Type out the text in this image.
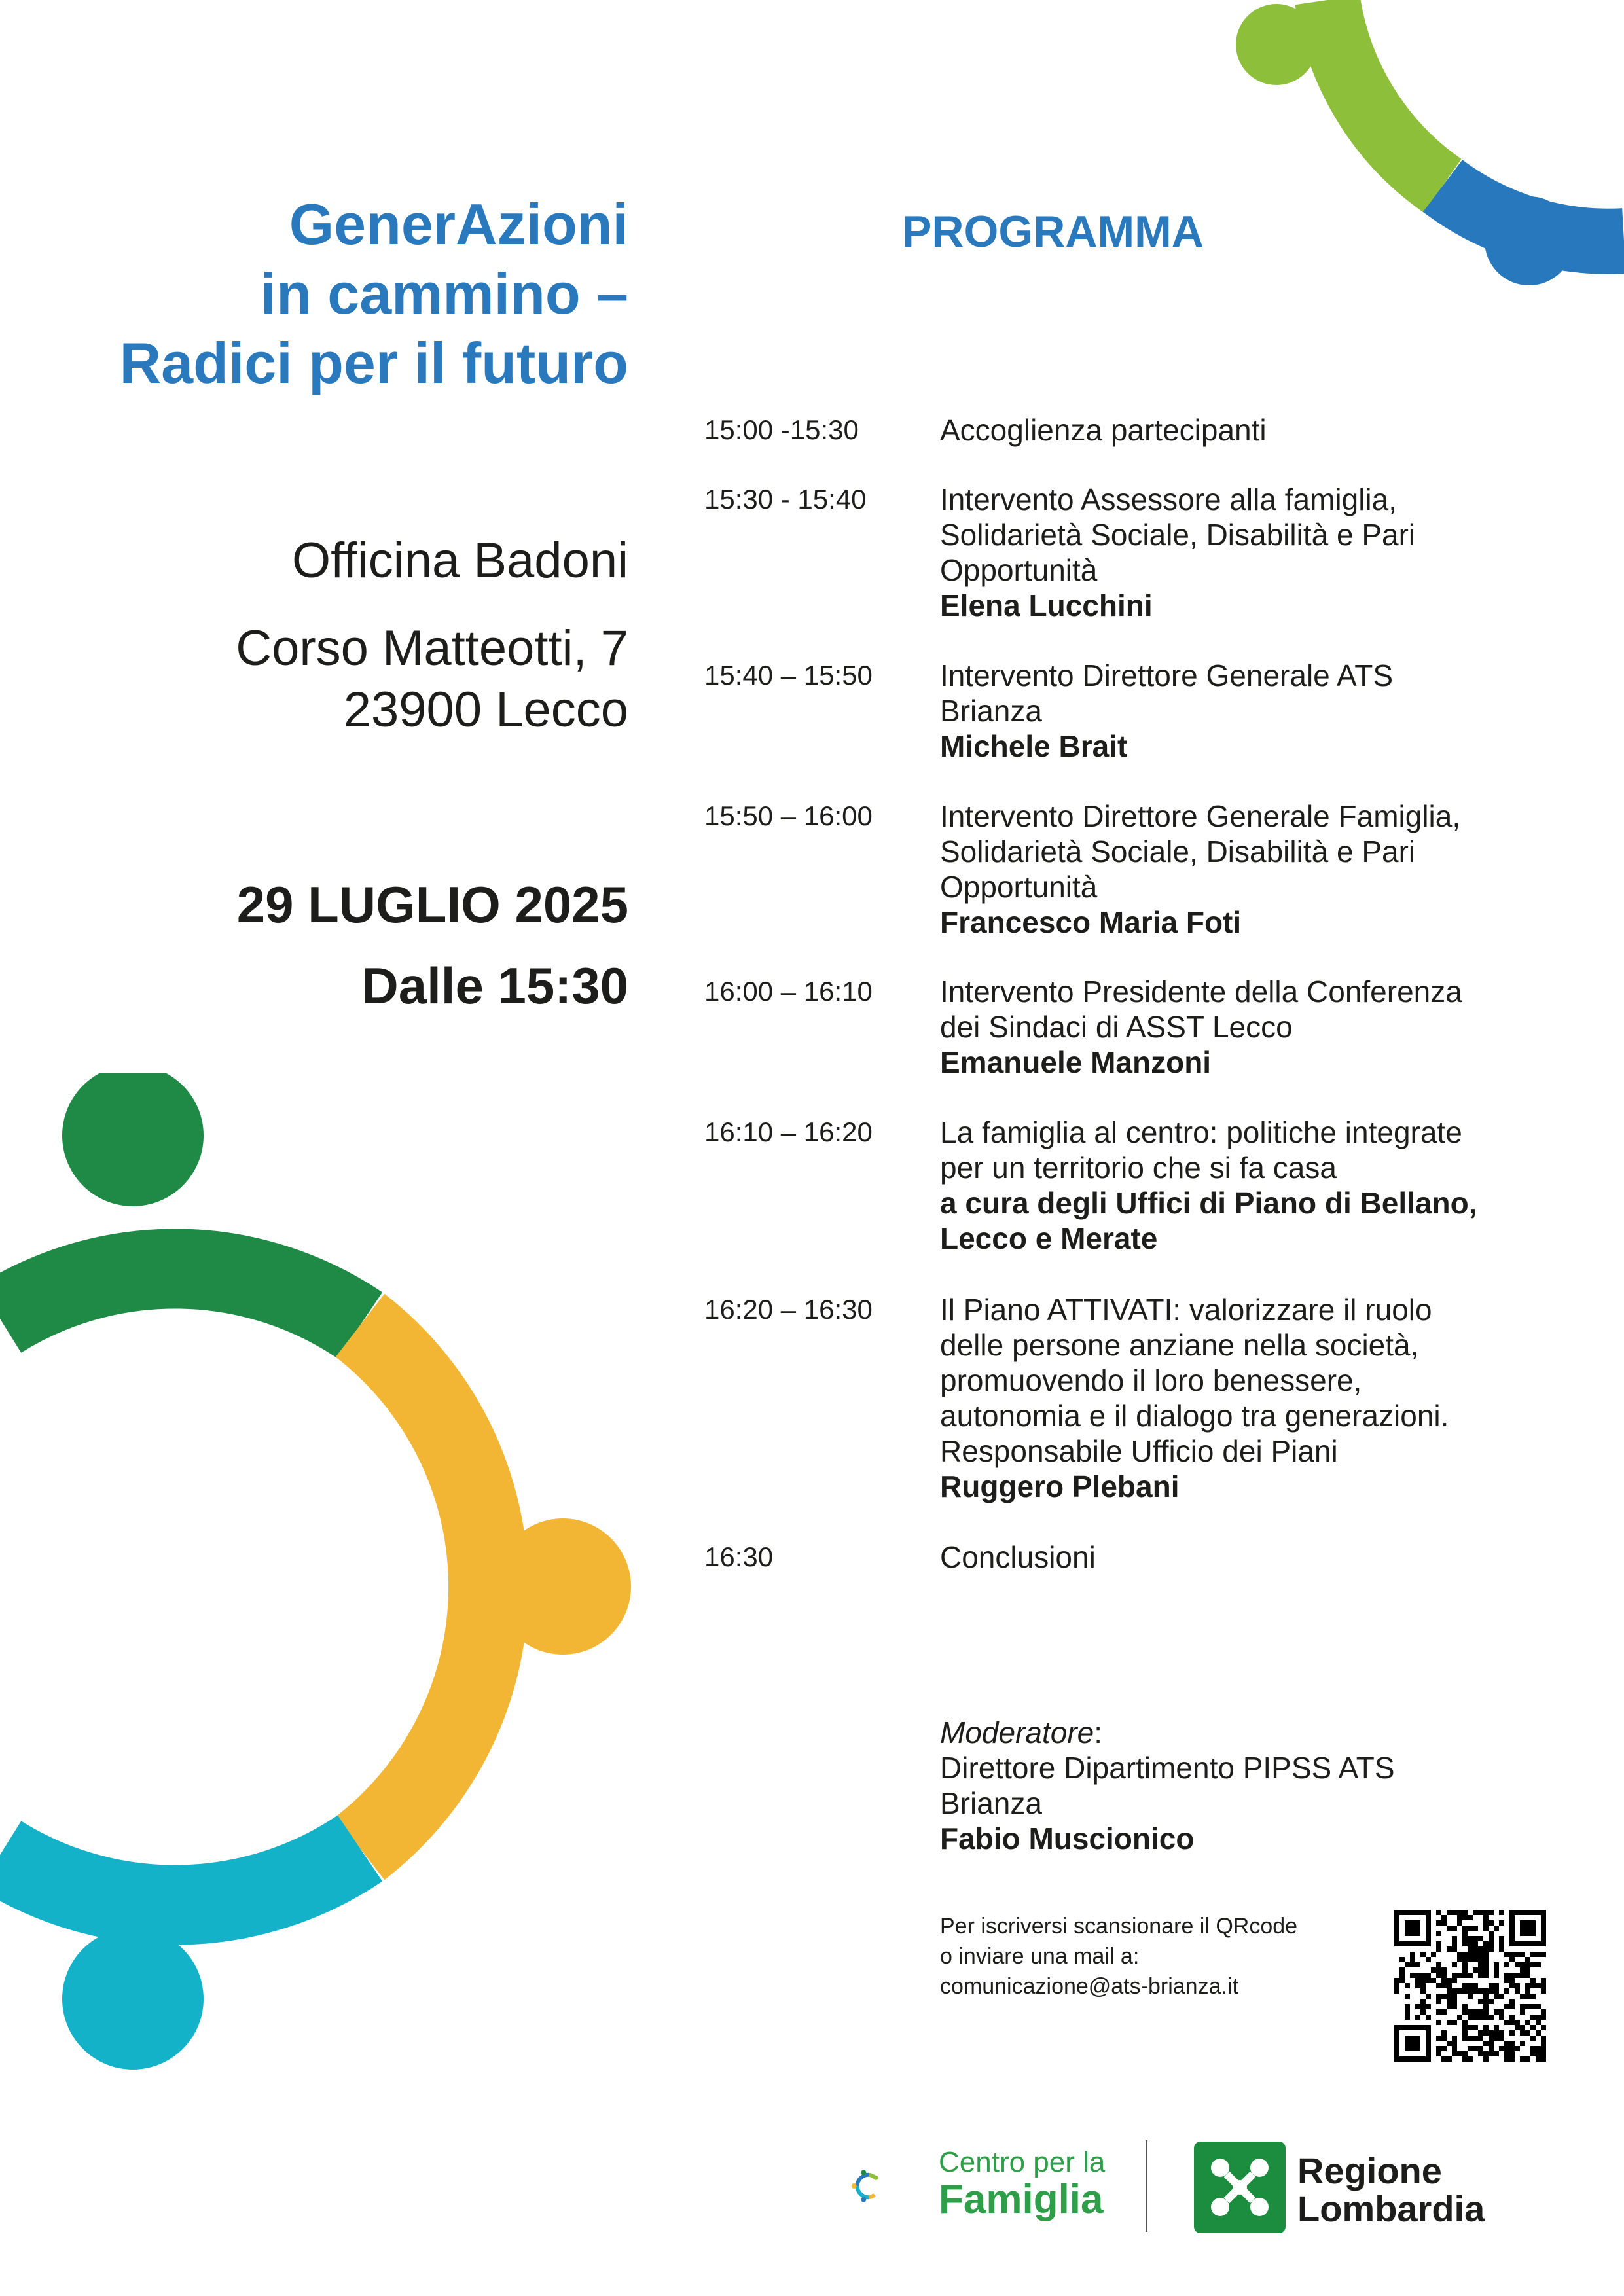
GenerAzioni
in cammino –
Radici per il futuro
Officina Badoni
Corso Matteotti, 7
23900 Lecco
29 LUGLIO 2025
Dalle 15:30
PROGRAMMA
15:00 -15:30	Accoglienza partecipanti
15:30 - 15:40 Intervento Assessore alla famiglia,
Solidarietà Sociale, Disabilità e Pari
Opportunità
Elena Lucchini
15:40 – 15:50 Intervento Direttore Generale ATS
Brianza
Michele Brait
15:50 – 16:00 Intervento Direttore Generale Famiglia,
Solidarietà Sociale, Disabilità e Pari
Opportunità
Francesco Maria Foti
16:00 – 16:10 Intervento Presidente della Conferenza
dei Sindaci di ASST Lecco
Emanuele Manzoni
16:10 – 16:20 La famiglia al centro: politiche integrate
per un territorio che si fa casa
a cura degli Uffici di Piano di Bellano,
Lecco e Merate
16:20 – 16:30 Il Piano ATTIVATI: valorizzare il ruolo
delle persone anziane nella società,
promuovendo il loro benessere,
autonomia e il dialogo tra generazioni.
Responsabile Ufficio dei Piani
Ruggero Plebani
16:30	Conclusioni
Moderatore:
Direttore Dipartimento PIPSS ATS
Brianza
Fabio Muscionico
Per iscriversi scansionare il QRcode
o inviare una mail a:
comunicazione@ats-brianza.it
Centro per la
Famiglia
Regione
Lombardia
